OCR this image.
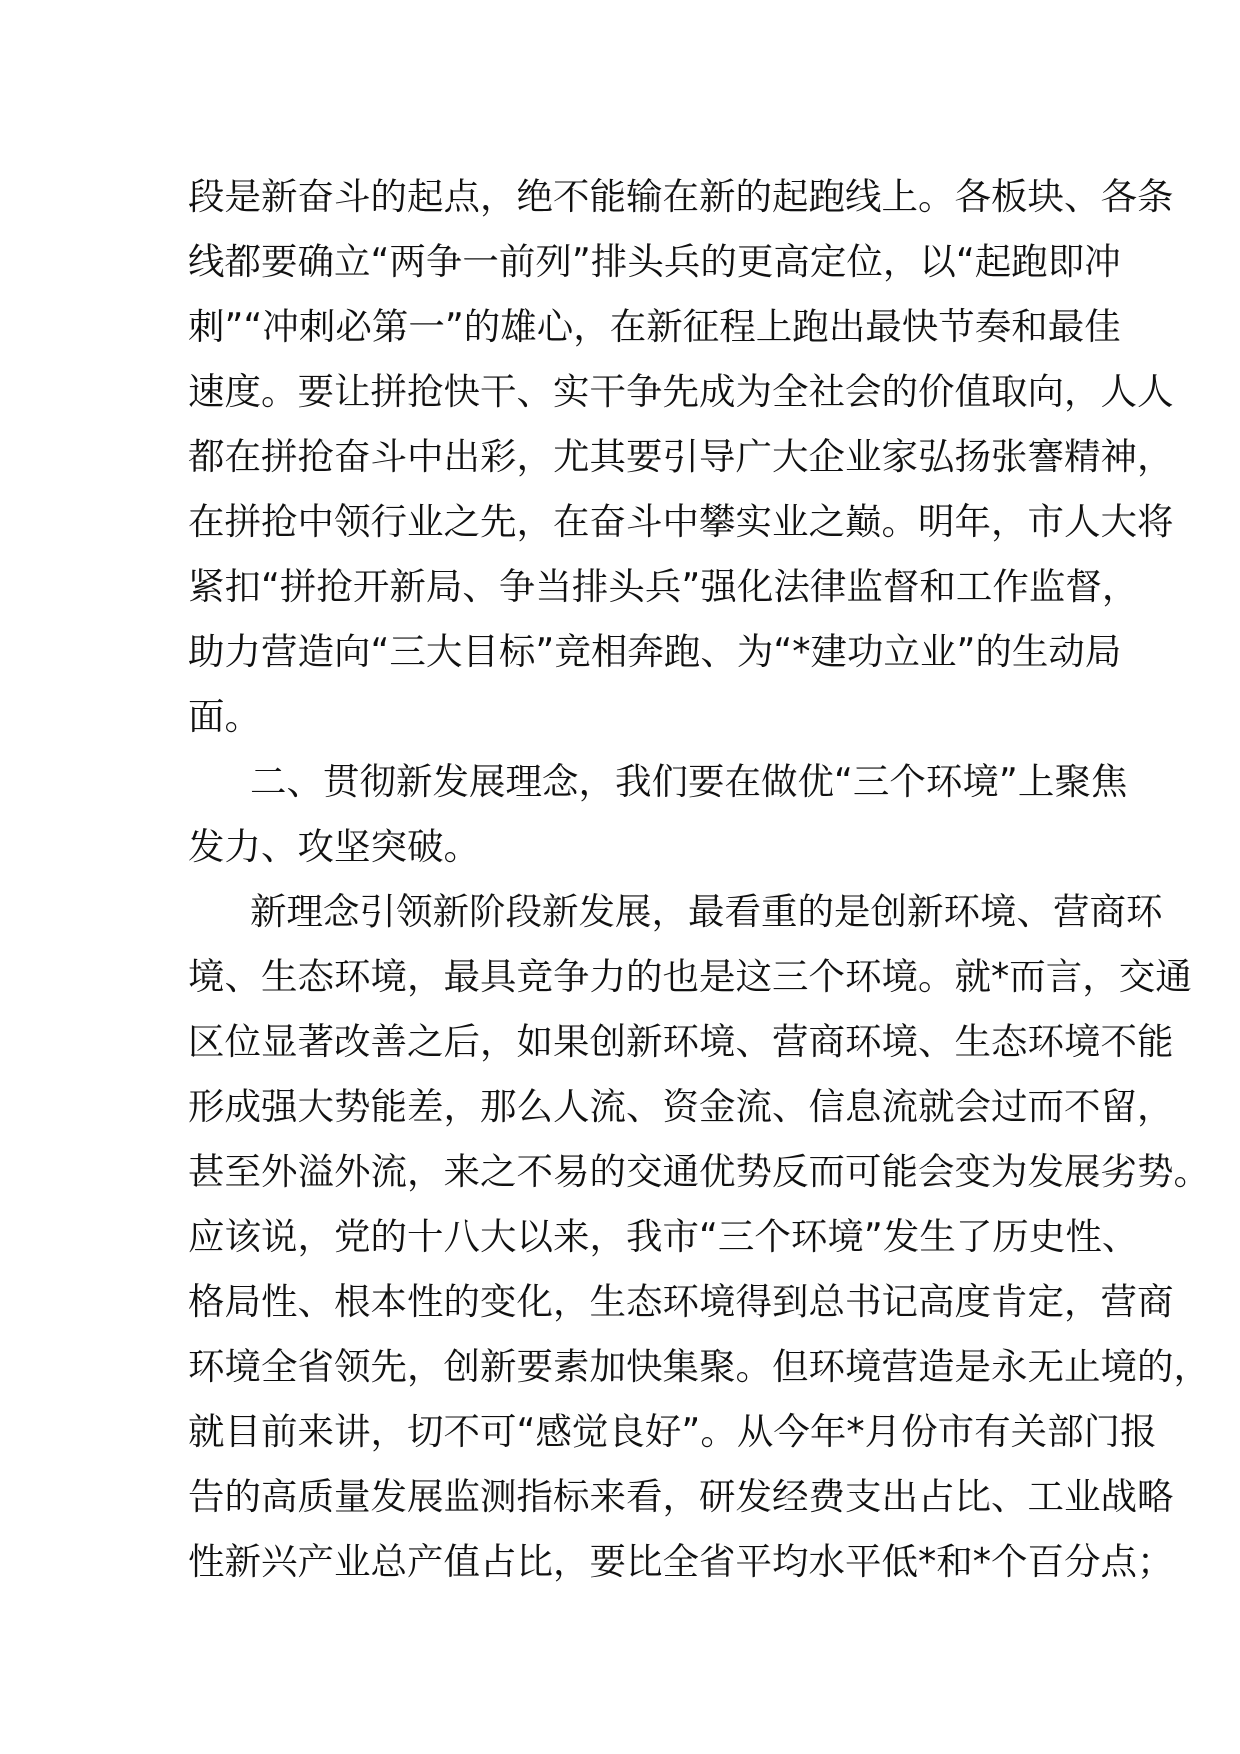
段是新奋斗的起点，绝不能输在新的起跑线上。各板块、各条
线都要确立“两争一前列”排头兵的更高定位，以“起跑即冲
刺”“冲刺必第一”的雄心，在新征程上跑出最快节奏和最佳
速度。要让拼抢快干、实干争先成为全社会的价值取向，人人
都在拼抢奋斗中出彩，尤其要引导广大企业家弘扬张謇精神，
在拼抢中领行业之先，在奋斗中攀实业之巅。明年，市人大将
紧扣“拼抢开新局、争当排头兵”强化法律监督和工作监督，
助力营造向“三大目标”竞相奔跑、为“*建功立业”的生动局
面。
二、贯彻新发展理念，我们要在做优“三个环境”上聚焦
发力、攻坚突破。
新理念引领新阶段新发展，最看重的是创新环境、营商环
境、生态环境，最具竞争力的也是这三个环境。就*而言，交通
区位显著改善之后，如果创新环境、营商环境、生态环境不能
形成强大势能差，那么人流、资金流、信息流就会过而不留，
甚至外溢外流，来之不易的交通优势反而可能会变为发展劣势。
应该说，党的十八大以来，我市“三个环境”发生了历史性、
格局性、根本性的变化，生态环境得到总书记高度肯定，营商
环境全省领先，创新要素加快集聚。但环境营造是永无止境的，
就目前来讲，切不可“感觉良好”。从今年*月份市有关部门报
告的高质量发展监测指标来看，研发经费支出占比、工业战略
性新兴产业总产值占比，要比全省平均水平低*和*个百分点；
